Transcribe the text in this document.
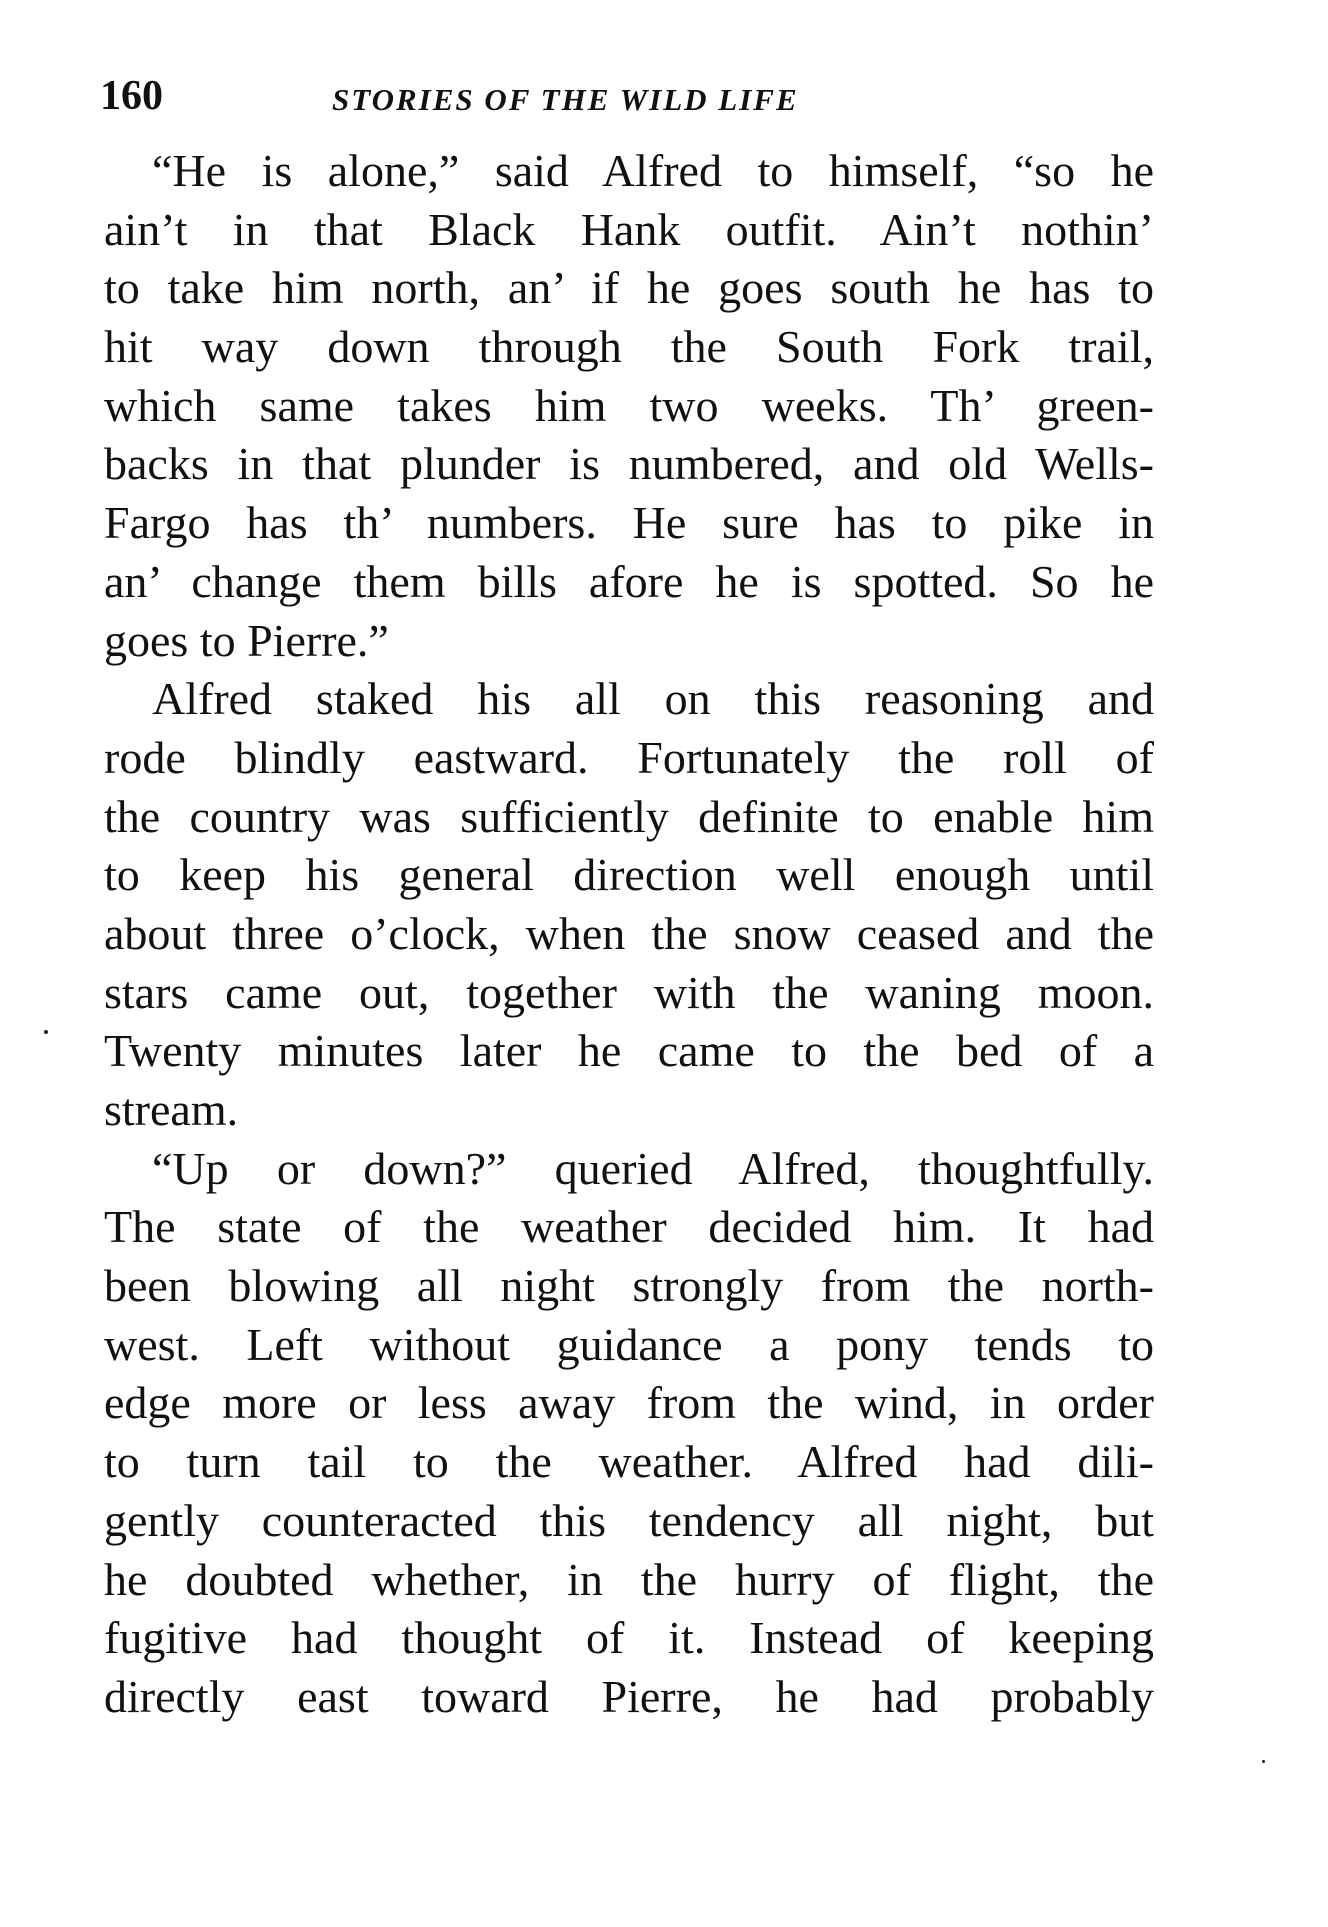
160	STORIES OF THE WILD LIFE
“He is alone,” said Alfred to himself, “so he
ain’t in that Black Hank outfit. Ain’t nothin’
to take him north, an’ if he goes south he has to
hit way down through the South Fork trail,
which same takes him two weeks. Th’ green-
backs in that plunder is numbered, and old Wells-
Fargo has th’ numbers. He sure has to pike in
an’ change them bills afore he is spotted. So he
goes to Pierre.”
Alfred staked his all on this reasoning and
rode blindly eastward. Fortunately the roll of
the country was sufficiently definite to enable him
to keep his general direction well enough until
about three o’clock, when the snow ceased and the
stars came out, together with the waning moon.
Twenty minutes later he came to the bed of a
stream.
“Up or down?” queried Alfred, thoughtfully.
The state of the weather decided him. It had
been blowing all night strongly from the north-
west. Left without guidance a pony tends to
edge more or less away from the wind, in order
to turn tail to the weather. Alfred had dili-
gently counteracted this tendency all night, but
he doubted whether, in the hurry of flight, the
fugitive had thought of it. Instead of keeping
directly east toward Pierre, he had probably
